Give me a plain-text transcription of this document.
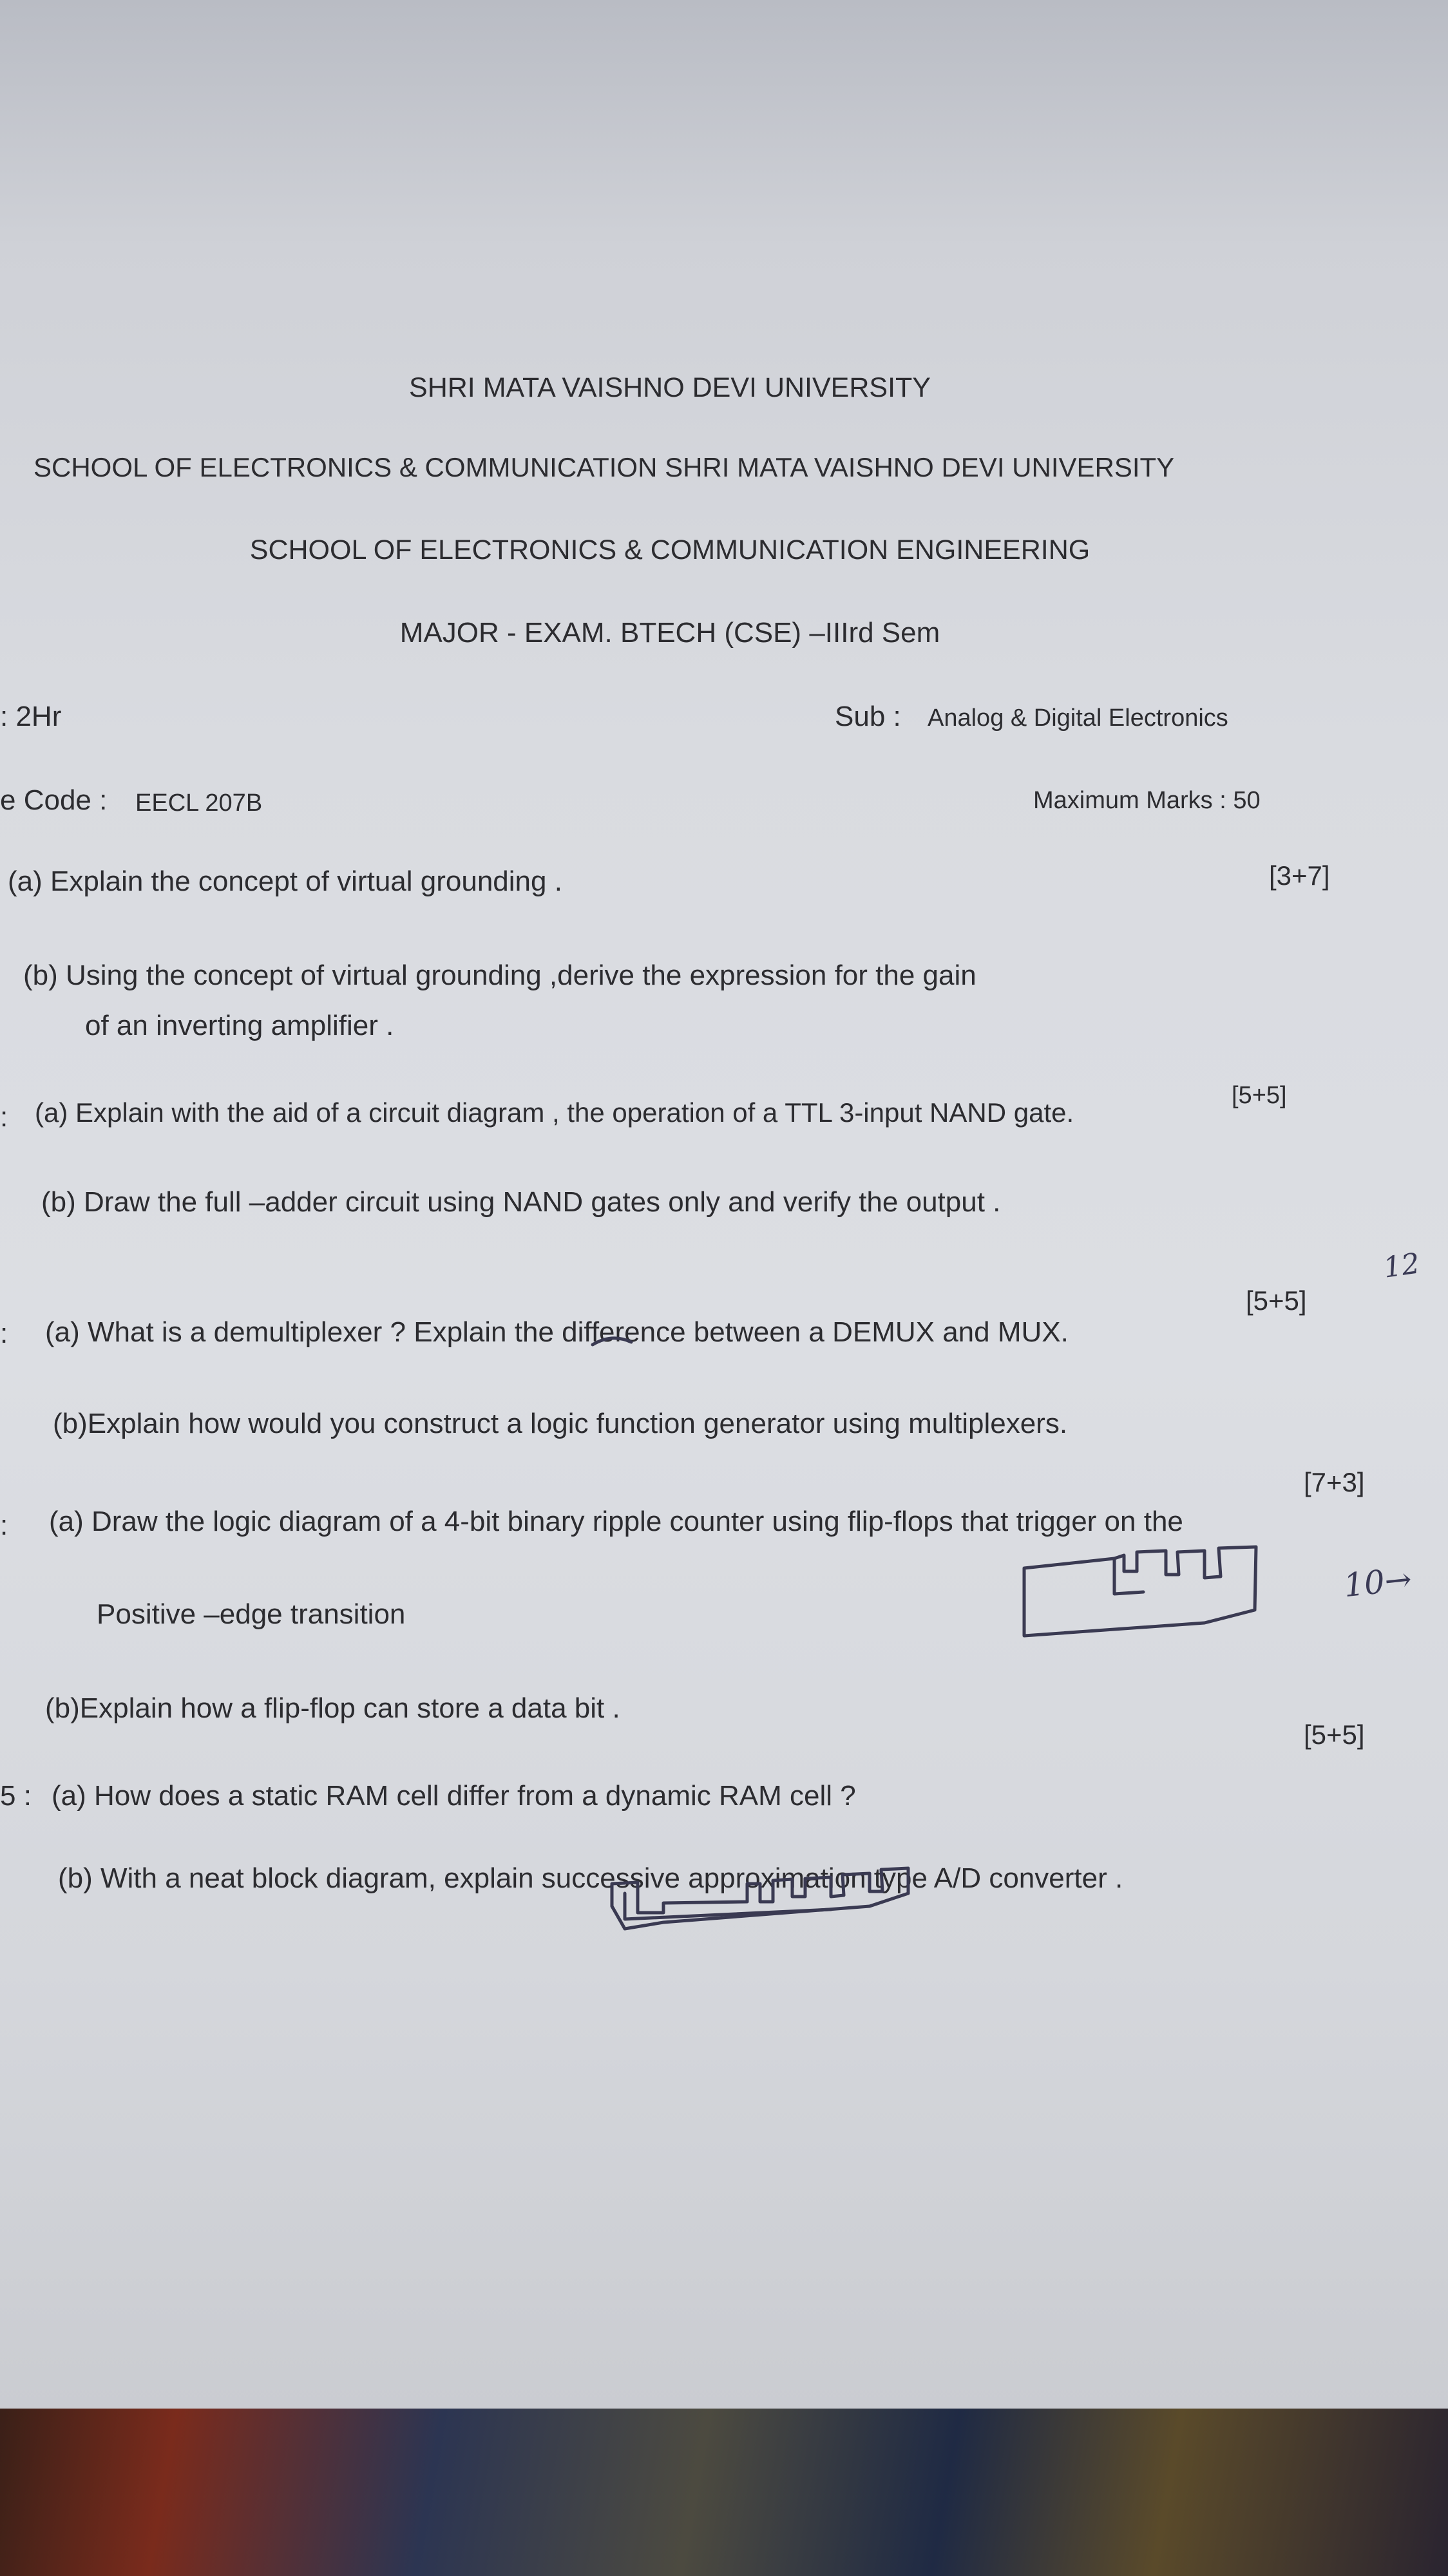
SHRI MATA VAISHNO DEVI UNIVERSITY
SCHOOL OF ELECTRONICS & COMMUNICATION SHRI MATA VAISHNO DEVI UNIVERSITY
SCHOOL OF ELECTRONICS & COMMUNICATION ENGINEERING
MAJOR - EXAM. BTECH (CSE) –IIIrd Sem
: 2Hr	Sub : Analog & Digital Electronics
e Code : EECL 207B	Maximum Marks : 50
(a) Explain the concept of virtual grounding .	[3+7]
(b) Using the concept of virtual grounding ,derive the expression for the gain
of an inverting amplifier .
: (a) Explain with the aid of a circuit diagram , the operation of a TTL 3-input NAND gate.
[5+5]
(b) Draw the full –adder circuit using NAND gates only and verify the output .
: (a) What is a demultiplexer ? Explain the difference between a DEMUX and MUX.
[5+5]
(b)Explain how would you construct a logic function generator using multiplexers.
: (a) Draw the logic diagram of a 4-bit binary ripple counter using flip-flops that trigger on the
[7+3]
Positive –edge transition
(b)Explain how a flip-flop can store a data bit .
5 : (a) How does a static RAM cell differ from a dynamic RAM cell ?
[5+5]
(b) With a neat block diagram, explain successive approximation type A/D converter .
12
10→
